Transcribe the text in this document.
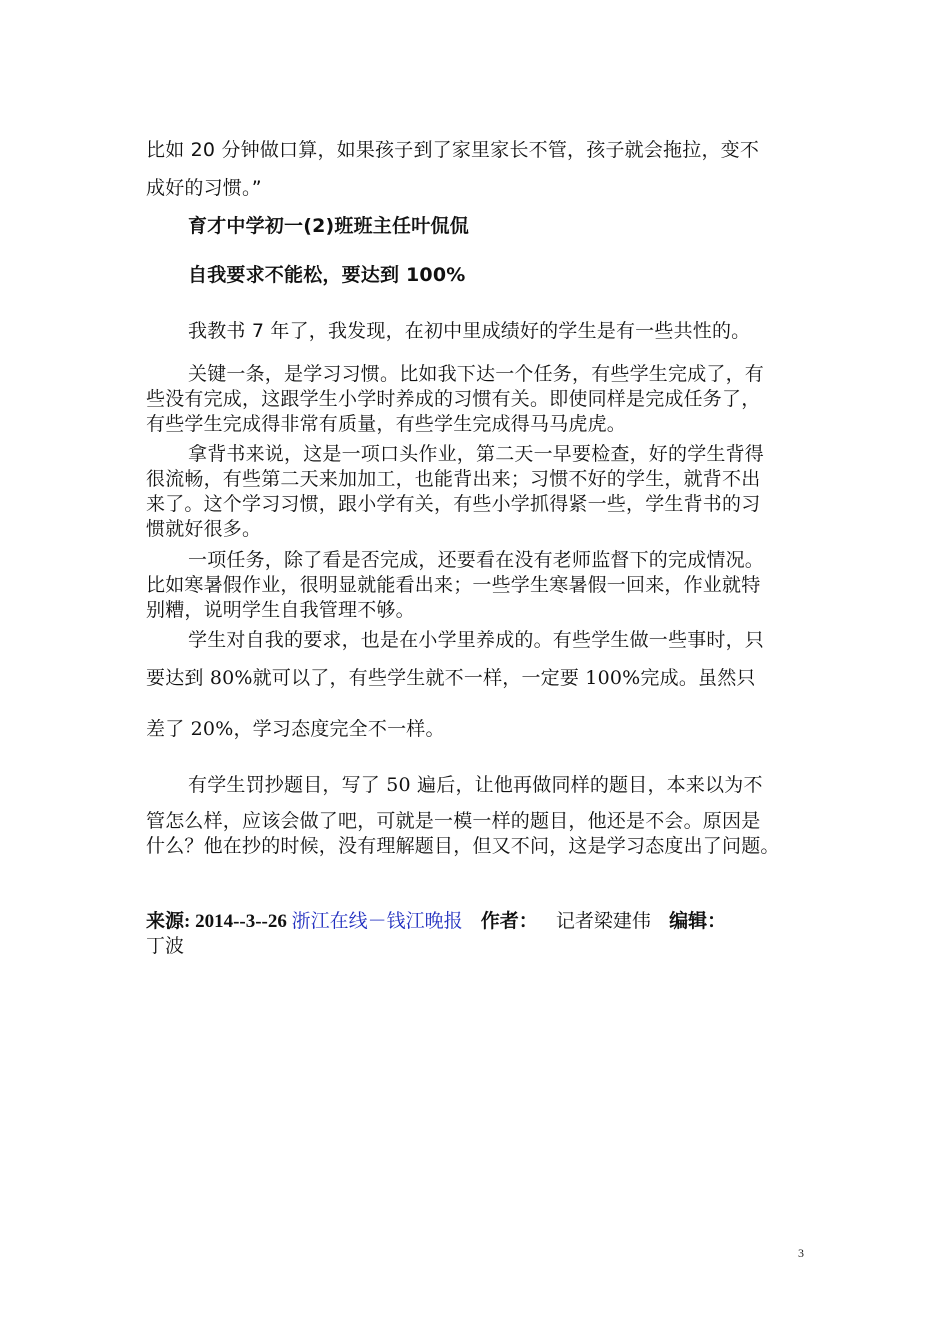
比如 20 分钟做口算，如果孩子到了家里家长不管，孩子就会拖拉，变不
成好的习惯。”
育才中学初一(2)班班主任叶侃侃
自我要求不能松，要达到 100%
我教书 7 年了，我发现，在初中里成绩好的学生是有一些共性的。
关键一条，是学习习惯。比如我下达一个任务，有些学生完成了，有
些没有完成，这跟学生小学时养成的习惯有关。即使同样是完成任务了，
有些学生完成得非常有质量，有些学生完成得马马虎虎。
拿背书来说，这是一项口头作业，第二天一早要检查，好的学生背得
很流畅，有些第二天来加加工，也能背出来；习惯不好的学生，就背不出
来了。这个学习习惯，跟小学有关，有些小学抓得紧一些，学生背书的习
惯就好很多。
一项任务，除了看是否完成，还要看在没有老师监督下的完成情况。
比如寒暑假作业，很明显就能看出来；一些学生寒暑假一回来，作业就特
别糟，说明学生自我管理不够。
学生对自我的要求，也是在小学里养成的。有些学生做一些事时，只
要达到 80%就可以了，有些学生就不一样，一定要 100%完成。虽然只
差了 20%，学习态度完全不一样。
有学生罚抄题目，写了 50 遍后，让他再做同样的题目，本来以为不
管怎么样，应该会做了吧，可就是一模一样的题目，他还是不会。原因是
什么？他在抄的时候，没有理解题目，但又不问，这是学习态度出了问题。
来源: 2014--3--26 浙江在线－钱江晚报 作者： 记者梁建伟 编辑：
丁波
3
